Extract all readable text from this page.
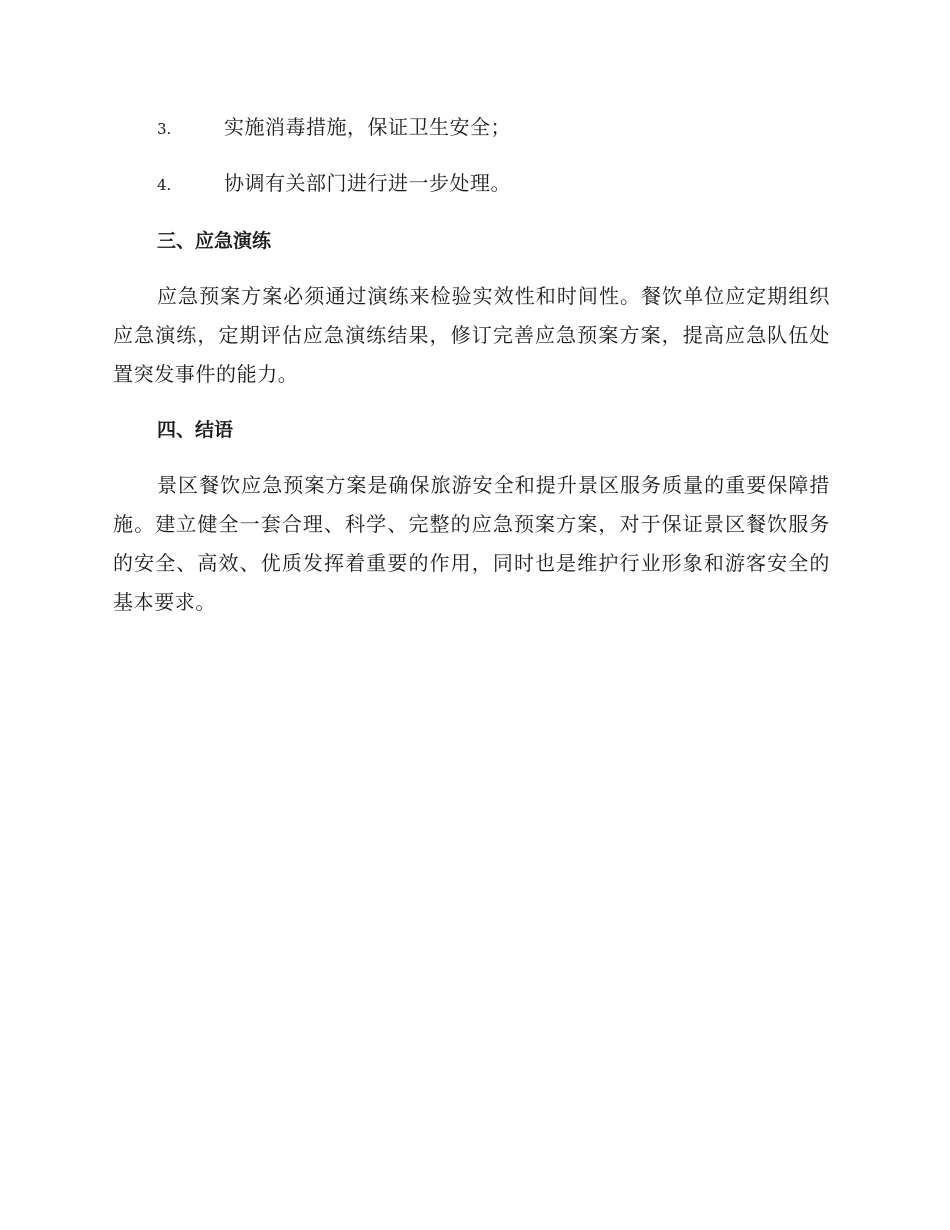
3.	实施消毒措施，保证卫生安全；
4.	协调有关部门进行进一步处理。
三、应急演练

应急预案方案必须通过演练来检验实效性和时间性。餐饮单位应定期组织应急演练，定期评估应急演练结果，修订完善应急预案方案，提高应急队伍处置突发事件的能力。

四、结语

景区餐饮应急预案方案是确保旅游安全和提升景区服务质量的重要保障措施。建立健全一套合理、科学、完整的应急预案方案，对于保证景区餐饮服务的安全、高效、优质发挥着重要的作用，同时也是维护行业形象和游客安全的基本要求。
